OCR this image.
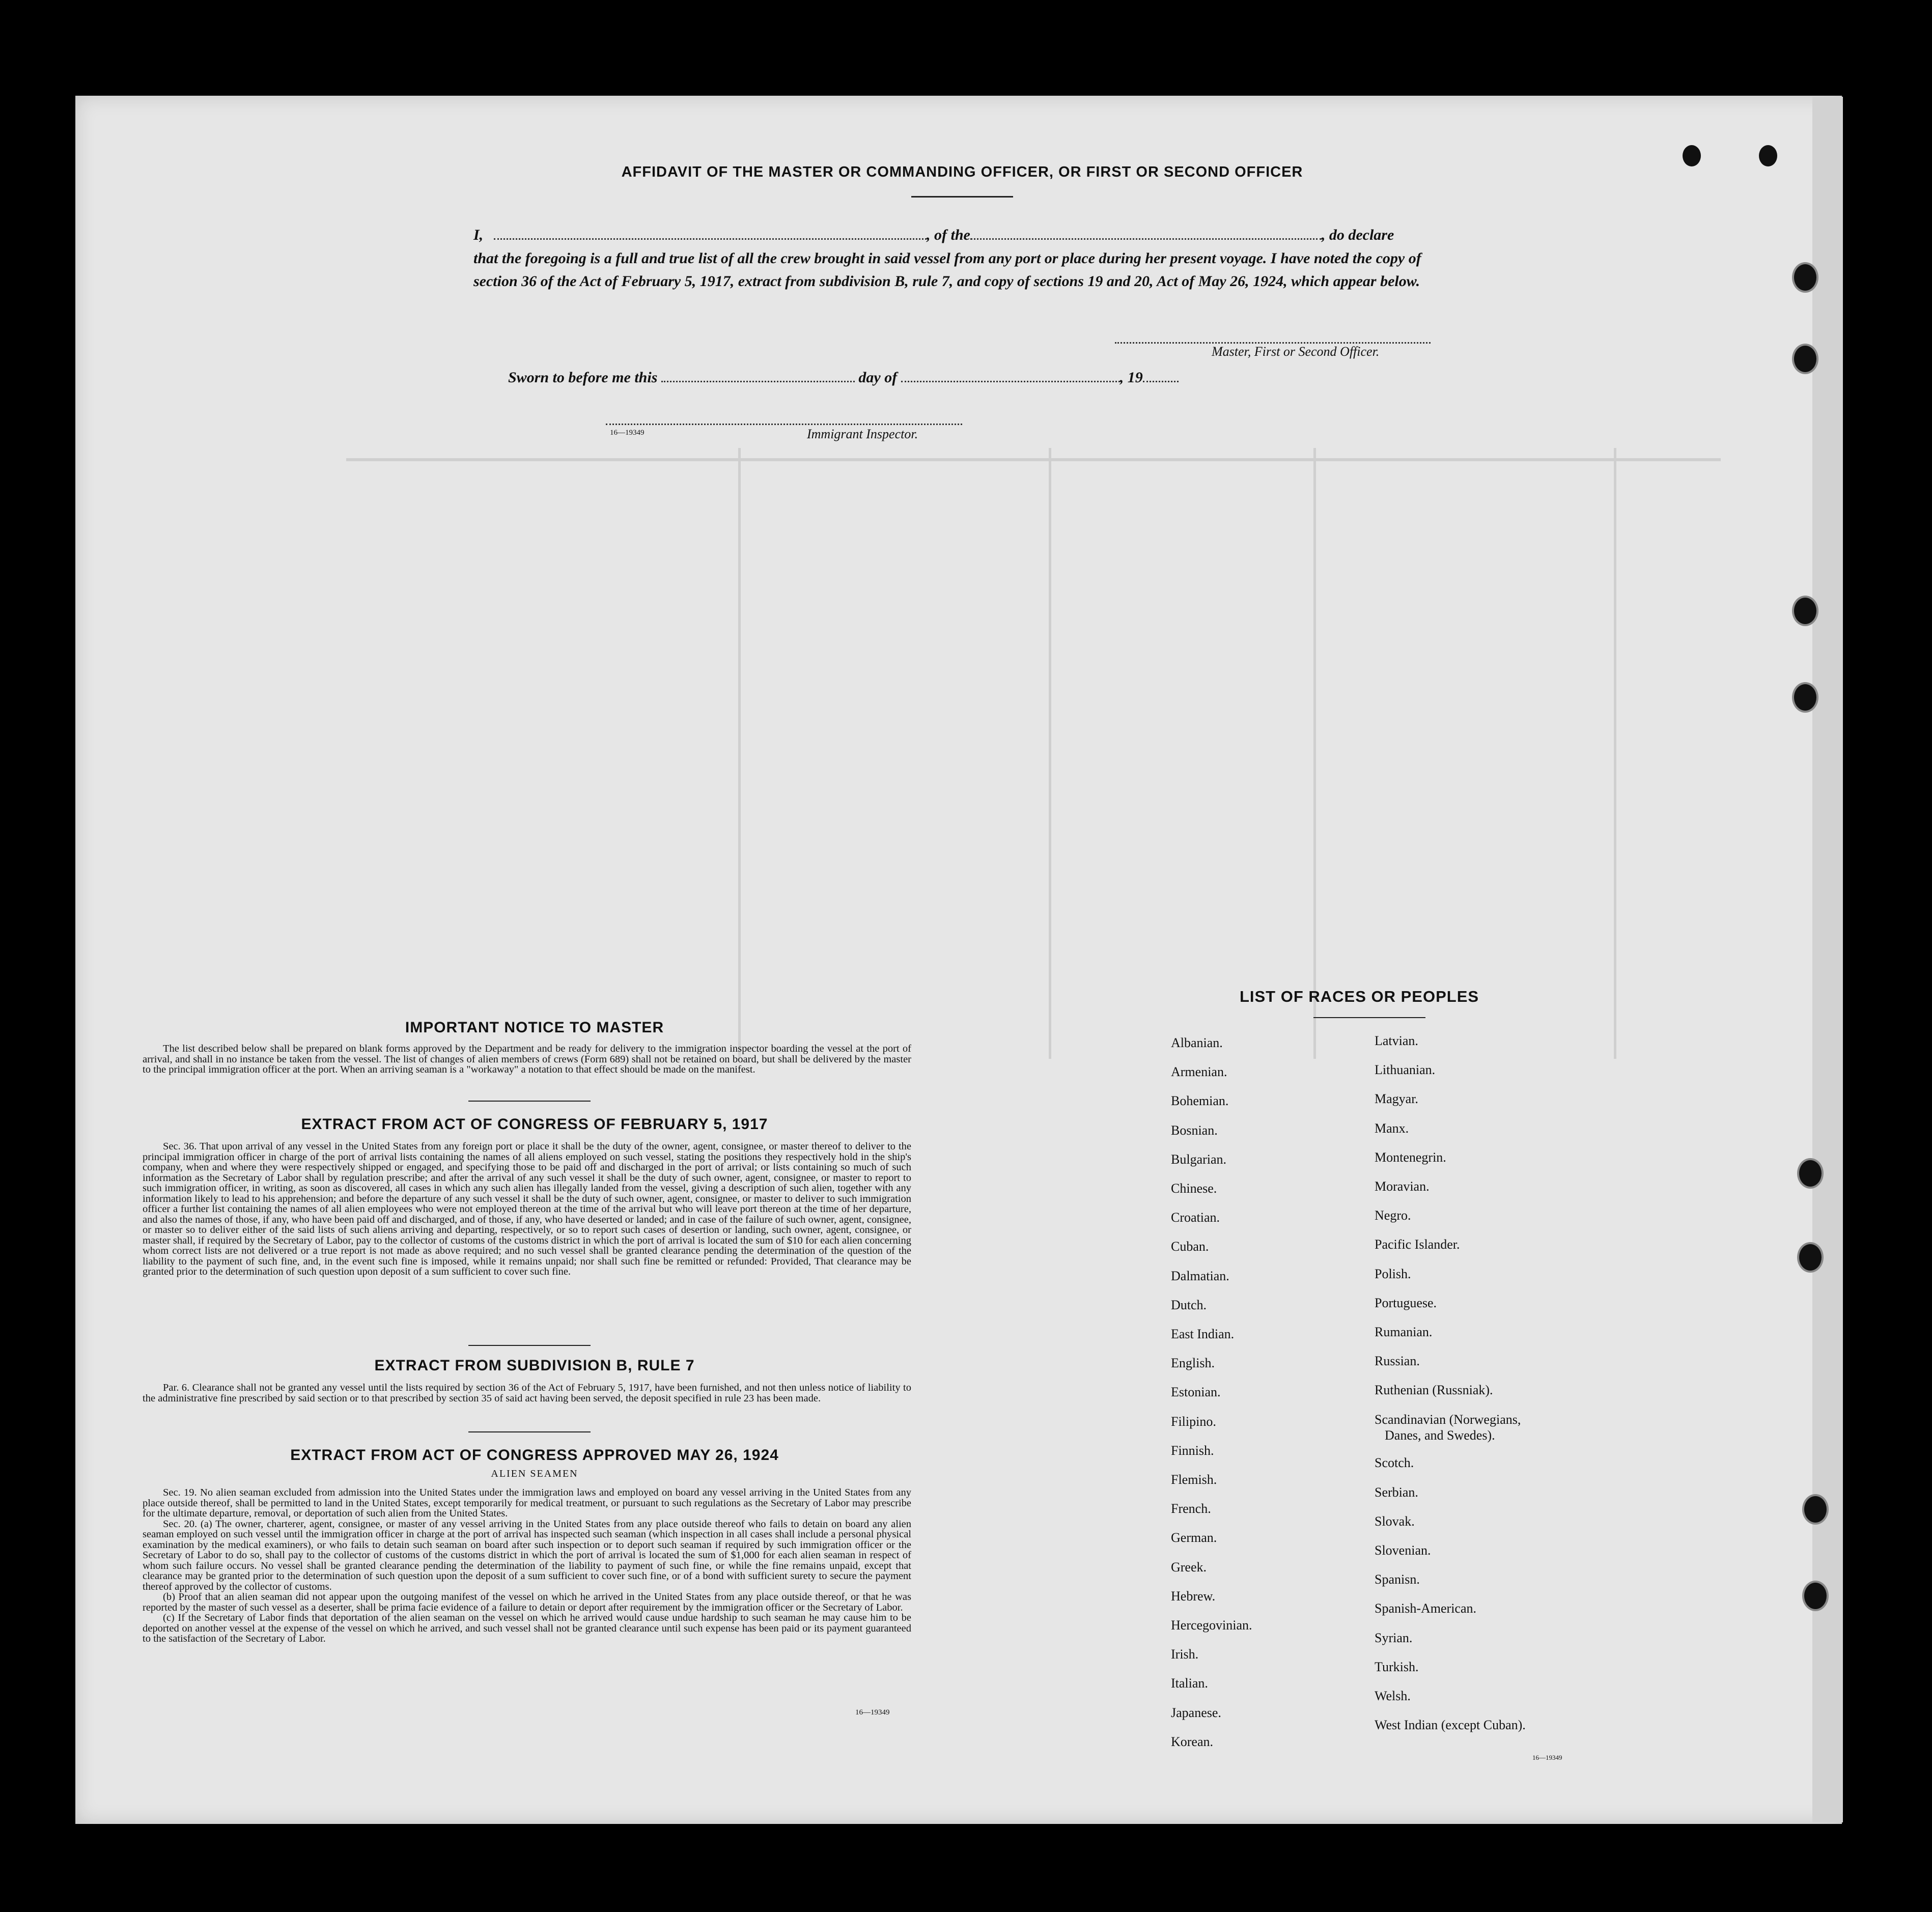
AFFIDAVIT OF THE MASTER OR COMMANDING OFFICER, OR FIRST OR SECOND OFFICER
I,	, of the	, do declare
that the foregoing is a full and true list of all the crew brought in said vessel from any port or place during her present voyage. I have noted the copy of section 36 of the Act of February 5, 1917, extract from subdivision B, rule 7, and copy of sections 19 and 20, Act of May 26, 1924, which appear below.
Master, First or Second Officer.
Sworn to before me this	day of	, 19
16—19349	Immigrant Inspector.
IMPORTANT NOTICE TO MASTER

The list described below shall be prepared on blank forms approved by the Department and be ready for delivery to the immigration inspector boarding the vessel at the port of arrival, and shall in no instance be taken from the vessel. The list of changes of alien members of crews (Form 689) shall not be retained on board, but shall be delivered by the master to the principal immigration officer at the port. When an arriving seaman is a "workaway" a notation to that effect should be made on the manifest.

EXTRACT FROM ACT OF CONGRESS OF FEBRUARY 5, 1917

Sec. 36. That upon arrival of any vessel in the United States from any foreign port or place it shall be the duty of the owner, agent, consignee, or master thereof to deliver to the principal immigration officer in charge of the port of arrival lists containing the names of all aliens employed on such vessel, stating the positions they respectively hold in the ship's company, when and where they were respectively shipped or engaged, and specifying those to be paid off and discharged in the port of arrival; or lists containing so much of such information as the Secretary of Labor shall by regulation prescribe; and after the arrival of any such vessel it shall be the duty of such owner, agent, consignee, or master to report to such immigration officer, in writing, as soon as discovered, all cases in which any such alien has illegally landed from the vessel, giving a description of such alien, together with any information likely to lead to his apprehension; and before the departure of any such vessel it shall be the duty of such owner, agent, consignee, or master to deliver to such immigration officer a further list containing the names of all alien employees who were not employed thereon at the time of the arrival but who will leave port thereon at the time of her departure, and also the names of those, if any, who have been paid off and discharged, and of those, if any, who have deserted or landed; and in case of the failure of such owner, agent, consignee, or master so to deliver either of the said lists of such aliens arriving and departing, respectively, or so to report such cases of desertion or landing, such owner, agent, consignee, or master shall, if required by the Secretary of Labor, pay to the collector of customs of the customs district in which the port of arrival is located the sum of $10 for each alien concerning whom correct lists are not delivered or a true report is not made as above required; and no such vessel shall be granted clearance pending the determination of the question of the liability to the payment of such fine, and, in the event such fine is imposed, while it remains unpaid; nor shall such fine be remitted or refunded: Provided, That clearance may be granted prior to the determination of such question upon deposit of a sum sufficient to cover such fine.

EXTRACT FROM SUBDIVISION B, RULE 7

Par. 6. Clearance shall not be granted any vessel until the lists required by section 36 of the Act of February 5, 1917, have been furnished, and not then unless notice of liability to the administrative fine prescribed by said section or to that prescribed by section 35 of said act having been served, the deposit specified in rule 23 has been made.

EXTRACT FROM ACT OF CONGRESS APPROVED MAY 26, 1924
ALIEN SEAMEN

Sec. 19. No alien seaman excluded from admission into the United States under the immigration laws and employed on board any vessel arriving in the United States from any place outside thereof, shall be permitted to land in the United States, except temporarily for medical treatment, or pursuant to such regulations as the Secretary of Labor may prescribe for the ultimate departure, removal, or deportation of such alien from the United States.

Sec. 20. (a) The owner, charterer, agent, consignee, or master of any vessel arriving in the United States from any place outside thereof who fails to detain on board any alien seaman employed on such vessel until the immigration officer in charge at the port of arrival has inspected such seaman (which inspection in all cases shall include a personal physical examination by the medical examiners), or who fails to detain such seaman on board after such inspection or to deport such seaman if required by such immigration officer or the Secretary of Labor to do so, shall pay to the collector of customs of the customs district in which the port of arrival is located the sum of $1,000 for each alien seaman in respect of whom such failure occurs. No vessel shall be granted clearance pending the determination of the liability to payment of such fine, or while the fine remains unpaid, except that clearance may be granted prior to the determination of such question upon the deposit of a sum sufficient to cover such fine, or of a bond with sufficient surety to secure the payment thereof approved by the collector of customs.

(b) Proof that an alien seaman did not appear upon the outgoing manifest of the vessel on which he arrived in the United States from any place outside thereof, or that he was reported by the master of such vessel as a deserter, shall be prima facie evidence of a failure to detain or deport after requirement by the immigration officer or the Secretary of Labor.

(c) If the Secretary of Labor finds that deportation of the alien seaman on the vessel on which he arrived would cause undue hardship to such seaman he may cause him to be deported on another vessel at the expense of the vessel on which he arrived, and such vessel shall not be granted clearance until such expense has been paid or its payment guaranteed to the satisfaction of the Secretary of Labor.

16—19349
LIST OF RACES OR PEOPLES
Albanian.
Armenian.
Bohemian.
Bosnian.
Bulgarian.
Chinese.
Croatian.
Cuban.
Dalmatian.
Dutch.
East Indian.
English.
Estonian.
Filipino.
Finnish.
Flemish.
French.
German.
Greek.
Hebrew.
Hercegovinian.
Irish.
Italian.
Japanese.
Korean.
Latvian.
Lithuanian.
Magyar.
Manx.
Montenegrin.
Moravian.
Negro.
Pacific Islander.
Polish.
Portuguese.
Rumanian.
Russian.
Ruthenian (Russniak).
Scandinavian (Norwegians,
Danes, and Swedes).
Scotch.
Serbian.
Slovak.
Slovenian.
Spanisn.
Spanish-American.
Syrian.
Turkish.
Welsh.
West Indian (except Cuban).
16—19349
